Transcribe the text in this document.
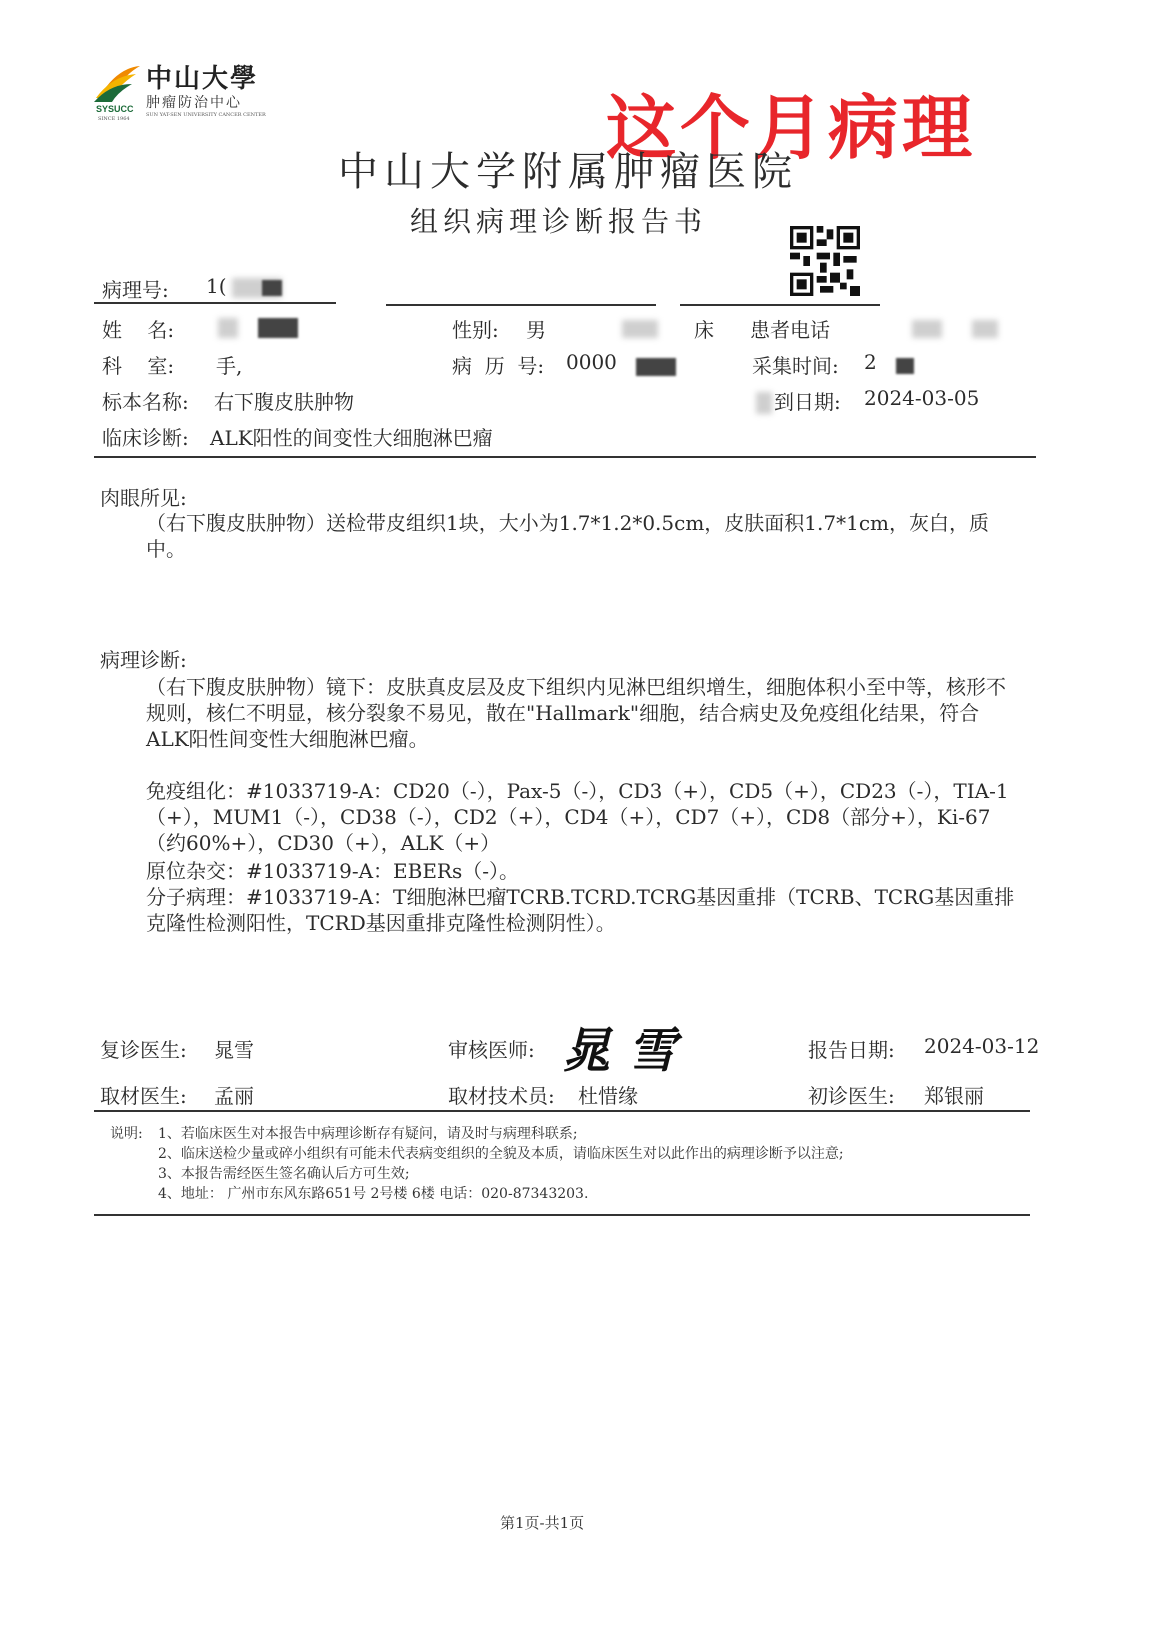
SYSUCC
SINCE 1964
中山大學
肿瘤防治中心
SUN YAT-SEN UNIVERSITY CANCER CENTER	这个月病理
中山大学附属肿瘤医院
组织病理诊断报告书
病理号: 1(
姓    名:	性别: 男	床 患者电话
科    室: 手,	病  历  号: 0000	采集时间: 2
标本名称: 右下腹皮肤肿物	到日期: 2024-03-05
临床诊断: ALK阳性的间变性大细胞淋巴瘤
肉眼所见:
（右下腹皮肤肿物）送检带皮组织1块，大小为1.7*1.2*0.5cm，皮肤面积1.7*1cm，灰白，质中。
病理诊断:
（右下腹皮肤肿物）镜下：皮肤真皮层及皮下组织内见淋巴组织增生，细胞体积小至中等，核形不规则，核仁不明显，核分裂象不易见，散在"Hallmark"细胞，结合病史及免疫组化结果，符合ALK阳性间变性大细胞淋巴瘤。
免疫组化：#1033719-A：CD20（-），Pax-5（-），CD3（+），CD5（+），CD23（-），TIA-1（+），MUM1（-），CD38（-），CD2（+），CD4（+），CD7（+），CD8（部分+），Ki-67（约60%+），CD30（+），ALK（+）
原位杂交：#1033719-A：EBERs（-）。
分子病理：#1033719-A：T细胞淋巴瘤TCRB.TCRD.TCRG基因重排（TCRB、TCRG基因重排克隆性检测阳性，TCRD基因重排克隆性检测阴性）。
复诊医生: 晁雪	审核医师: 晁雪	报告日期: 2024-03-12
取材医生: 孟丽	取材技术员: 杜惜缘	初诊医生: 郑银丽
说明: 1、若临床医生对本报告中病理诊断存有疑问，请及时与病理科联系;
2、临床送检少量或碎小组织有可能未代表病变组织的全貌及本质，请临床医生对以此作出的病理诊断予以注意;
3、本报告需经医生签名确认后方可生效;
4、地址： 广州市东风东路651号 2号楼 6楼 电话：020-87343203.
第1页-共1页
